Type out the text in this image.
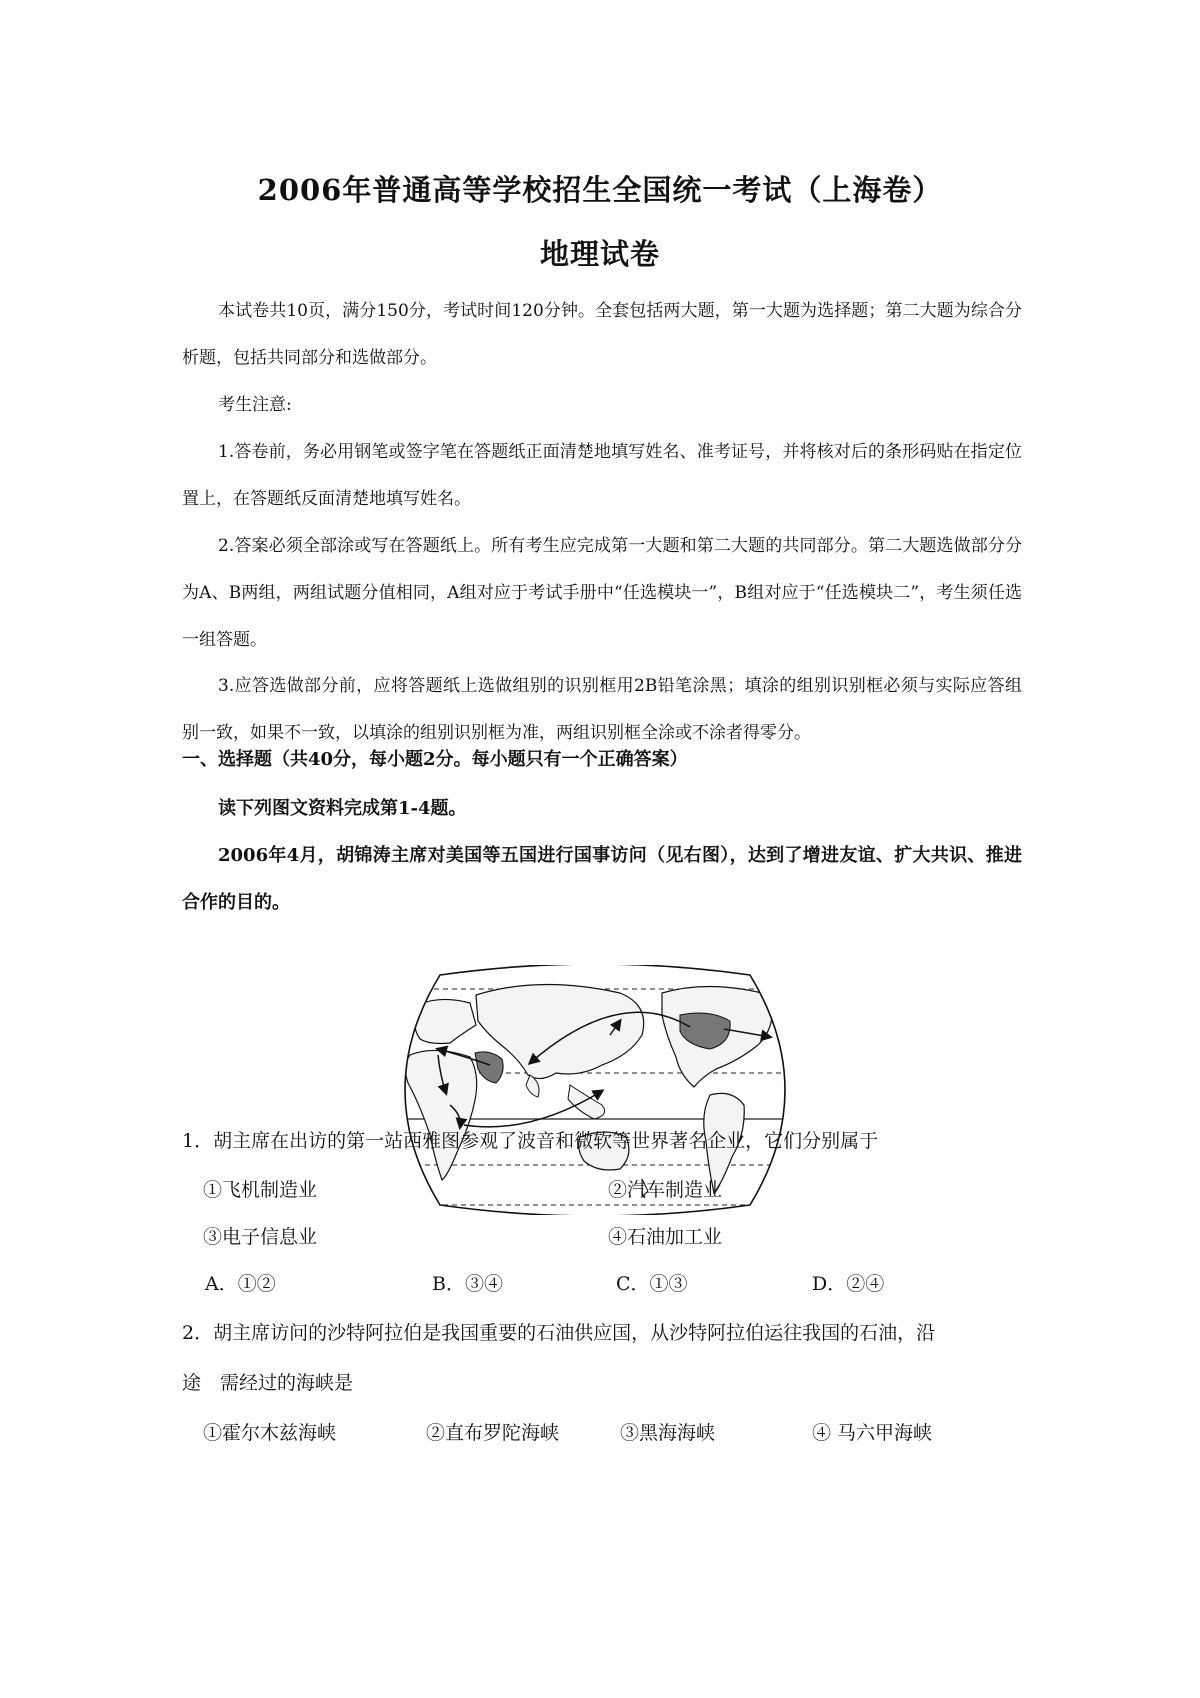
2006年普通高等学校招生全国统一考试（上海卷）
地理试卷
本试卷共10页，满分150分，考试时间120分钟。全套包括两大题，第一大题为选择题；第二大题为综合分析题，包括共同部分和选做部分。
考生注意:
1.答卷前，务必用钢笔或签字笔在答题纸正面清楚地填写姓名、准考证号，并将核对后的条形码贴在指定位置上，在答题纸反面清楚地填写姓名。
2.答案必须全部涂或写在答题纸上。所有考生应完成第一大题和第二大题的共同部分。第二大题选做部分分为A、B两组，两组试题分值相同，A组对应于考试手册中“任选模块一”，B组对应于“任选模块二”，考生须任选一组答题。
3.应答选做部分前，应将答题纸上选做组别的识别框用2B铅笔涂黑；填涂的组别识别框必须与实际应答组别一致，如果不一致，以填涂的组别识别框为准，两组识别框全涂或不涂者得零分。
一、选择题（共40分，每小题2分。每小题只有一个正确答案）
读下列图文资料完成第1-4题。
2006年4月，胡锦涛主席对美国等五国进行国事访问（见右图），达到了增进友谊、扩大共识、推进合作的目的。
1．胡主席在出访的第一站西雅图参观了波音和微软等世界著名企业，它们分别属于
①飞机制造业	②汽车制造业
③电子信息业	④石油加工业
A．①②	B．③④	C．①③	D．②④
2．胡主席访问的沙特阿拉伯是我国重要的石油供应国，从沙特阿拉伯运往我国的石油，沿
途　需经过的海峡是
①霍尔木兹海峡	②直布罗陀海峡	③黑海海峡	④ 马六甲海峡
